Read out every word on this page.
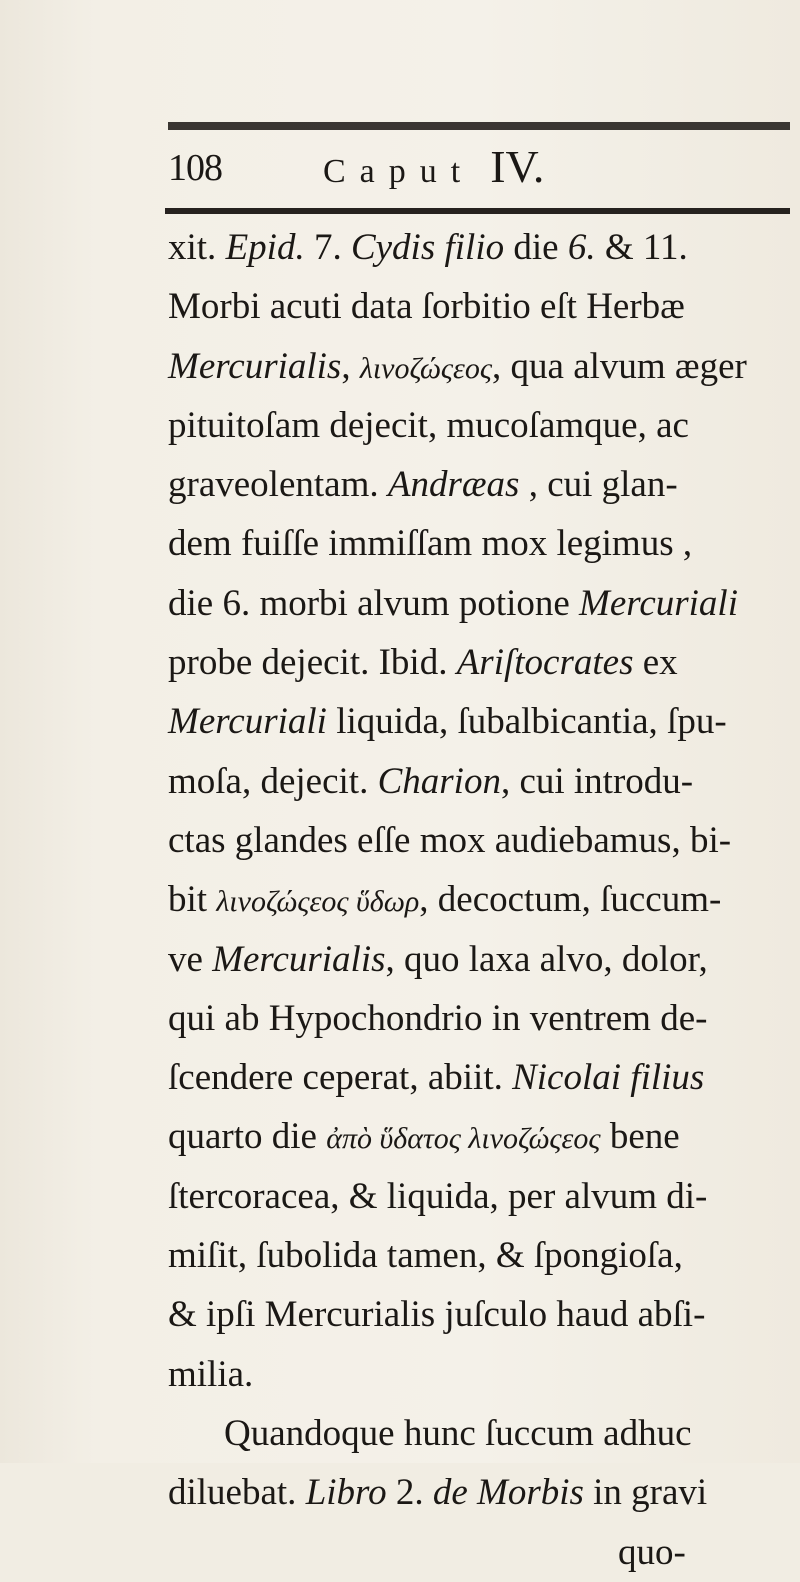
108	Caput IV.
xit. Epid. 7. Cydis filio die 6. & 11.
Morbi acuti data ſorbitio eſt Herbæ
Mercurialis, λινοζώςεος, qua alvum æger
pituitoſam dejecit, mucoſamque, ac
graveolentam. Andræas , cui glan-
dem fuiſſe immiſſam mox legimus ,
die 6. morbi alvum potione Mercuriali
probe dejecit. Ibid. Ariſtocrates ex
Mercuriali liquida, ſubalbicantia, ſpu-
moſa, dejecit. Charion, cui introdu-
ctas glandes eſſe mox audiebamus, bi-
bit λινοζώςεος ὕδωρ, decoctum, ſuccum-
ve Mercurialis, quo laxa alvo, dolor,
qui ab Hypochondrio in ventrem de-
ſcendere ceperat, abiit. Nicolai filius
quarto die ἀπὸ ὕδατος λινοζώςεος bene
ſtercoracea, & liquida, per alvum di-
miſit, ſubolida tamen, & ſpongioſa,
& ipſi Mercurialis juſculo haud abſi-
milia.
Quandoque hunc ſuccum adhuc
diluebat. Libro 2. de Morbis in gravi
quo-
